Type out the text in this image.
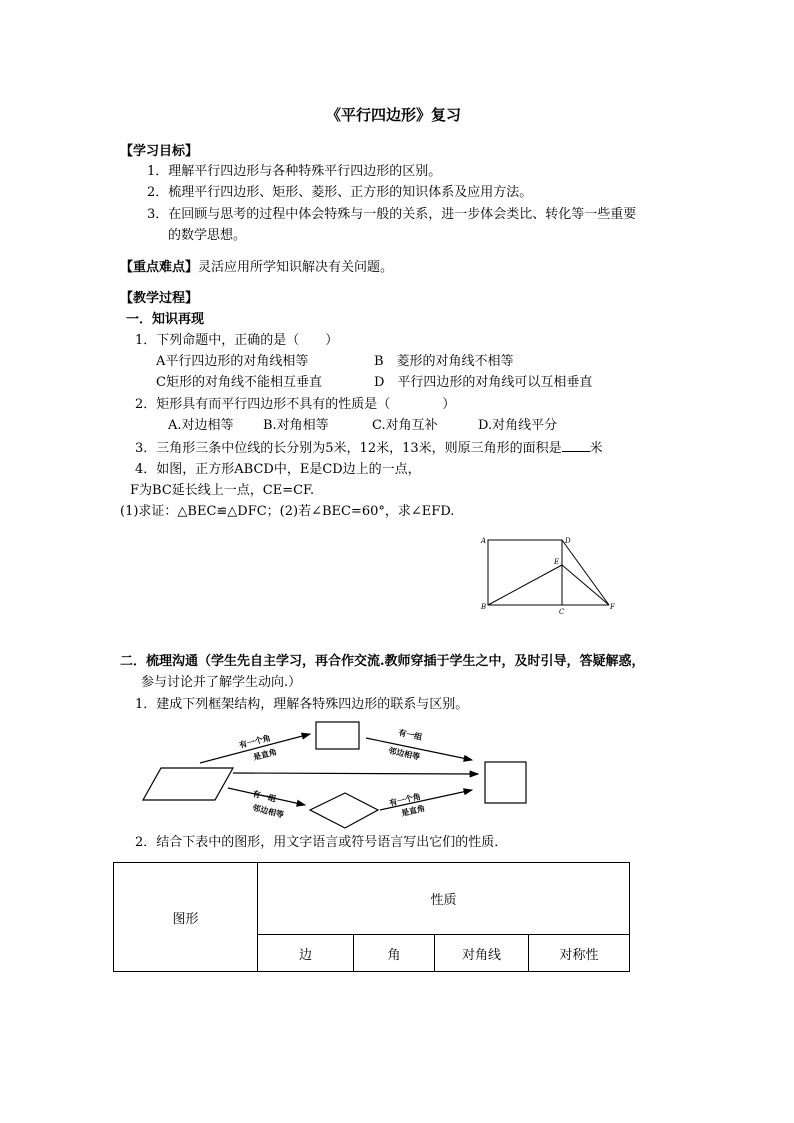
《平行四边形》复习
【学习目标】
1．理解平行四边形与各种特殊平行四边形的区别。
2．梳理平行四边形、矩形、菱形、正方形的知识体系及应用方法。
3．在回顾与思考的过程中体会特殊与一般的关系，进一步体会类比、转化等一些重要
的数学思想。
【重点难点】灵活应用所学知识解决有关问题。
【教学过程】
一．知识再现
1．下列命题中，正确的是（　　）
A平行四边形的对角线相等	B　菱形的对角线不相等
C矩形的对角线不能相互垂直	D　平行四边形的对角线可以互相垂直
2．矩形具有而平行四边形不具有的性质是（　　　　）
A.对边相等 B.对角相等	C.对角互补	D.对角线平分
3．三角形三条中位线的长分别为5米，12米，13米，则原三角形的面积是 米
4．如图，正方形ABCD中，E是CD边上的一点，
F为BC延长线上一点，CE=CF.
(1)求证：△BEC≌△DFC；(2)若∠BEC=60°，求∠EFD.
A	D
E
B
C
F
二．梳理沟通（学生先自主学习，再合作交流.教师穿插于学生之中，及时引导，答疑解惑，
参与讨论并了解学生动向.）
1．建成下列框架结构，理解各特殊四边形的联系与区别。
有一个角
是直角
有一组
邻边相等
有一组
邻边相等
有一个角
是直角
2．结合下表中的图形，用文字语言或符号语言写出它们的性质．
图形	性质			
	边	角	对角线	对称性
